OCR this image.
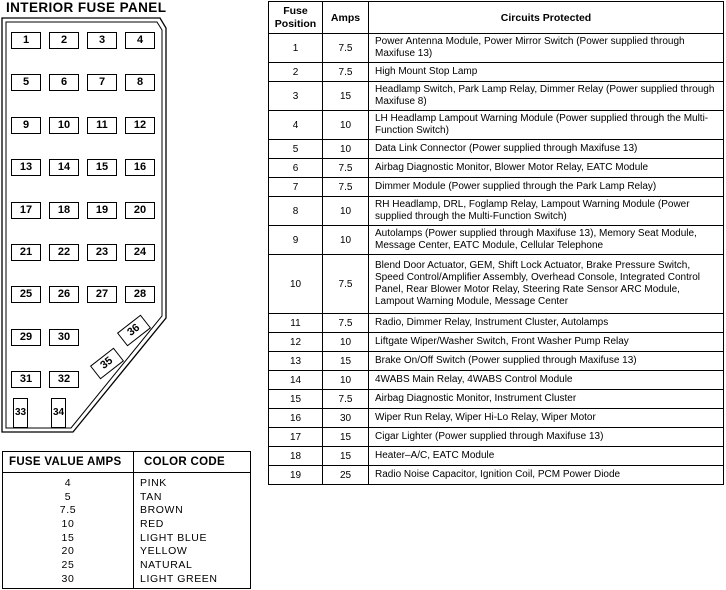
INTERIOR FUSE PANEL
1	2	3	4
5	6	7	8
9	10	11	12
13	14	15	16
17	18	19	20
21	22	23	24
25	26	27	28
29	30
31	32
33	34
35
36
FUSE VALUE AMPS	COLOR CODE
4	PINK
5	TAN
7.5	BROWN
10	RED
15	LIGHT BLUE
20	YELLOW
25	NATURAL
30	LIGHT GREEN
Fuse Position	Amps	Circuits Protected
1	7.5	Power Antenna Module, Power Mirror Switch (Power supplied through Maxifuse 13)
2	7.5	High Mount Stop Lamp
3	15	Headlamp Switch, Park Lamp Relay, Dimmer Relay (Power supplied through Maxifuse 8)
4	10	LH Headlamp Lampout Warning Module (Power supplied through the Multi-Function Switch)
5	10	Data Link Connector (Power supplied through Maxifuse 13)
6	7.5	Airbag Diagnostic Monitor, Blower Motor Relay, EATC Module
7	7.5	Dimmer Module (Power supplied through the Park Lamp Relay)
8	10	RH Headlamp, DRL, Foglamp Relay, Lampout Warning Module (Power supplied through the Multi-Function Switch)
9	10	Autolamps (Power supplied through Maxifuse 13), Memory Seat Module, Message Center, EATC Module, Cellular Telephone
10	7.5	Blend Door Actuator, GEM, Shift Lock Actuator, Brake Pressure Switch, Speed Control/Amplifier Assembly, Overhead Console, Integrated Control Panel, Rear Blower Motor Relay, Steering Rate Sensor ARC Module, Lampout Warning Module, Message Center
11	7.5	Radio, Dimmer Relay, Instrument Cluster, Autolamps
12	10	Liftgate Wiper/Washer Switch, Front Washer Pump Relay
13	15	Brake On/Off Switch (Power supplied through Maxifuse 13)
14	10	4WABS Main Relay, 4WABS Control Module
15	7.5	Airbag Diagnostic Monitor, Instrument Cluster
16	30	Wiper Run Relay, Wiper Hi-Lo Relay, Wiper Motor
17	15	Cigar Lighter (Power supplied through Maxifuse 13)
18	15	Heater–A/C, EATC Module
19	25	Radio Noise Capacitor, Ignition Coil, PCM Power Diode
